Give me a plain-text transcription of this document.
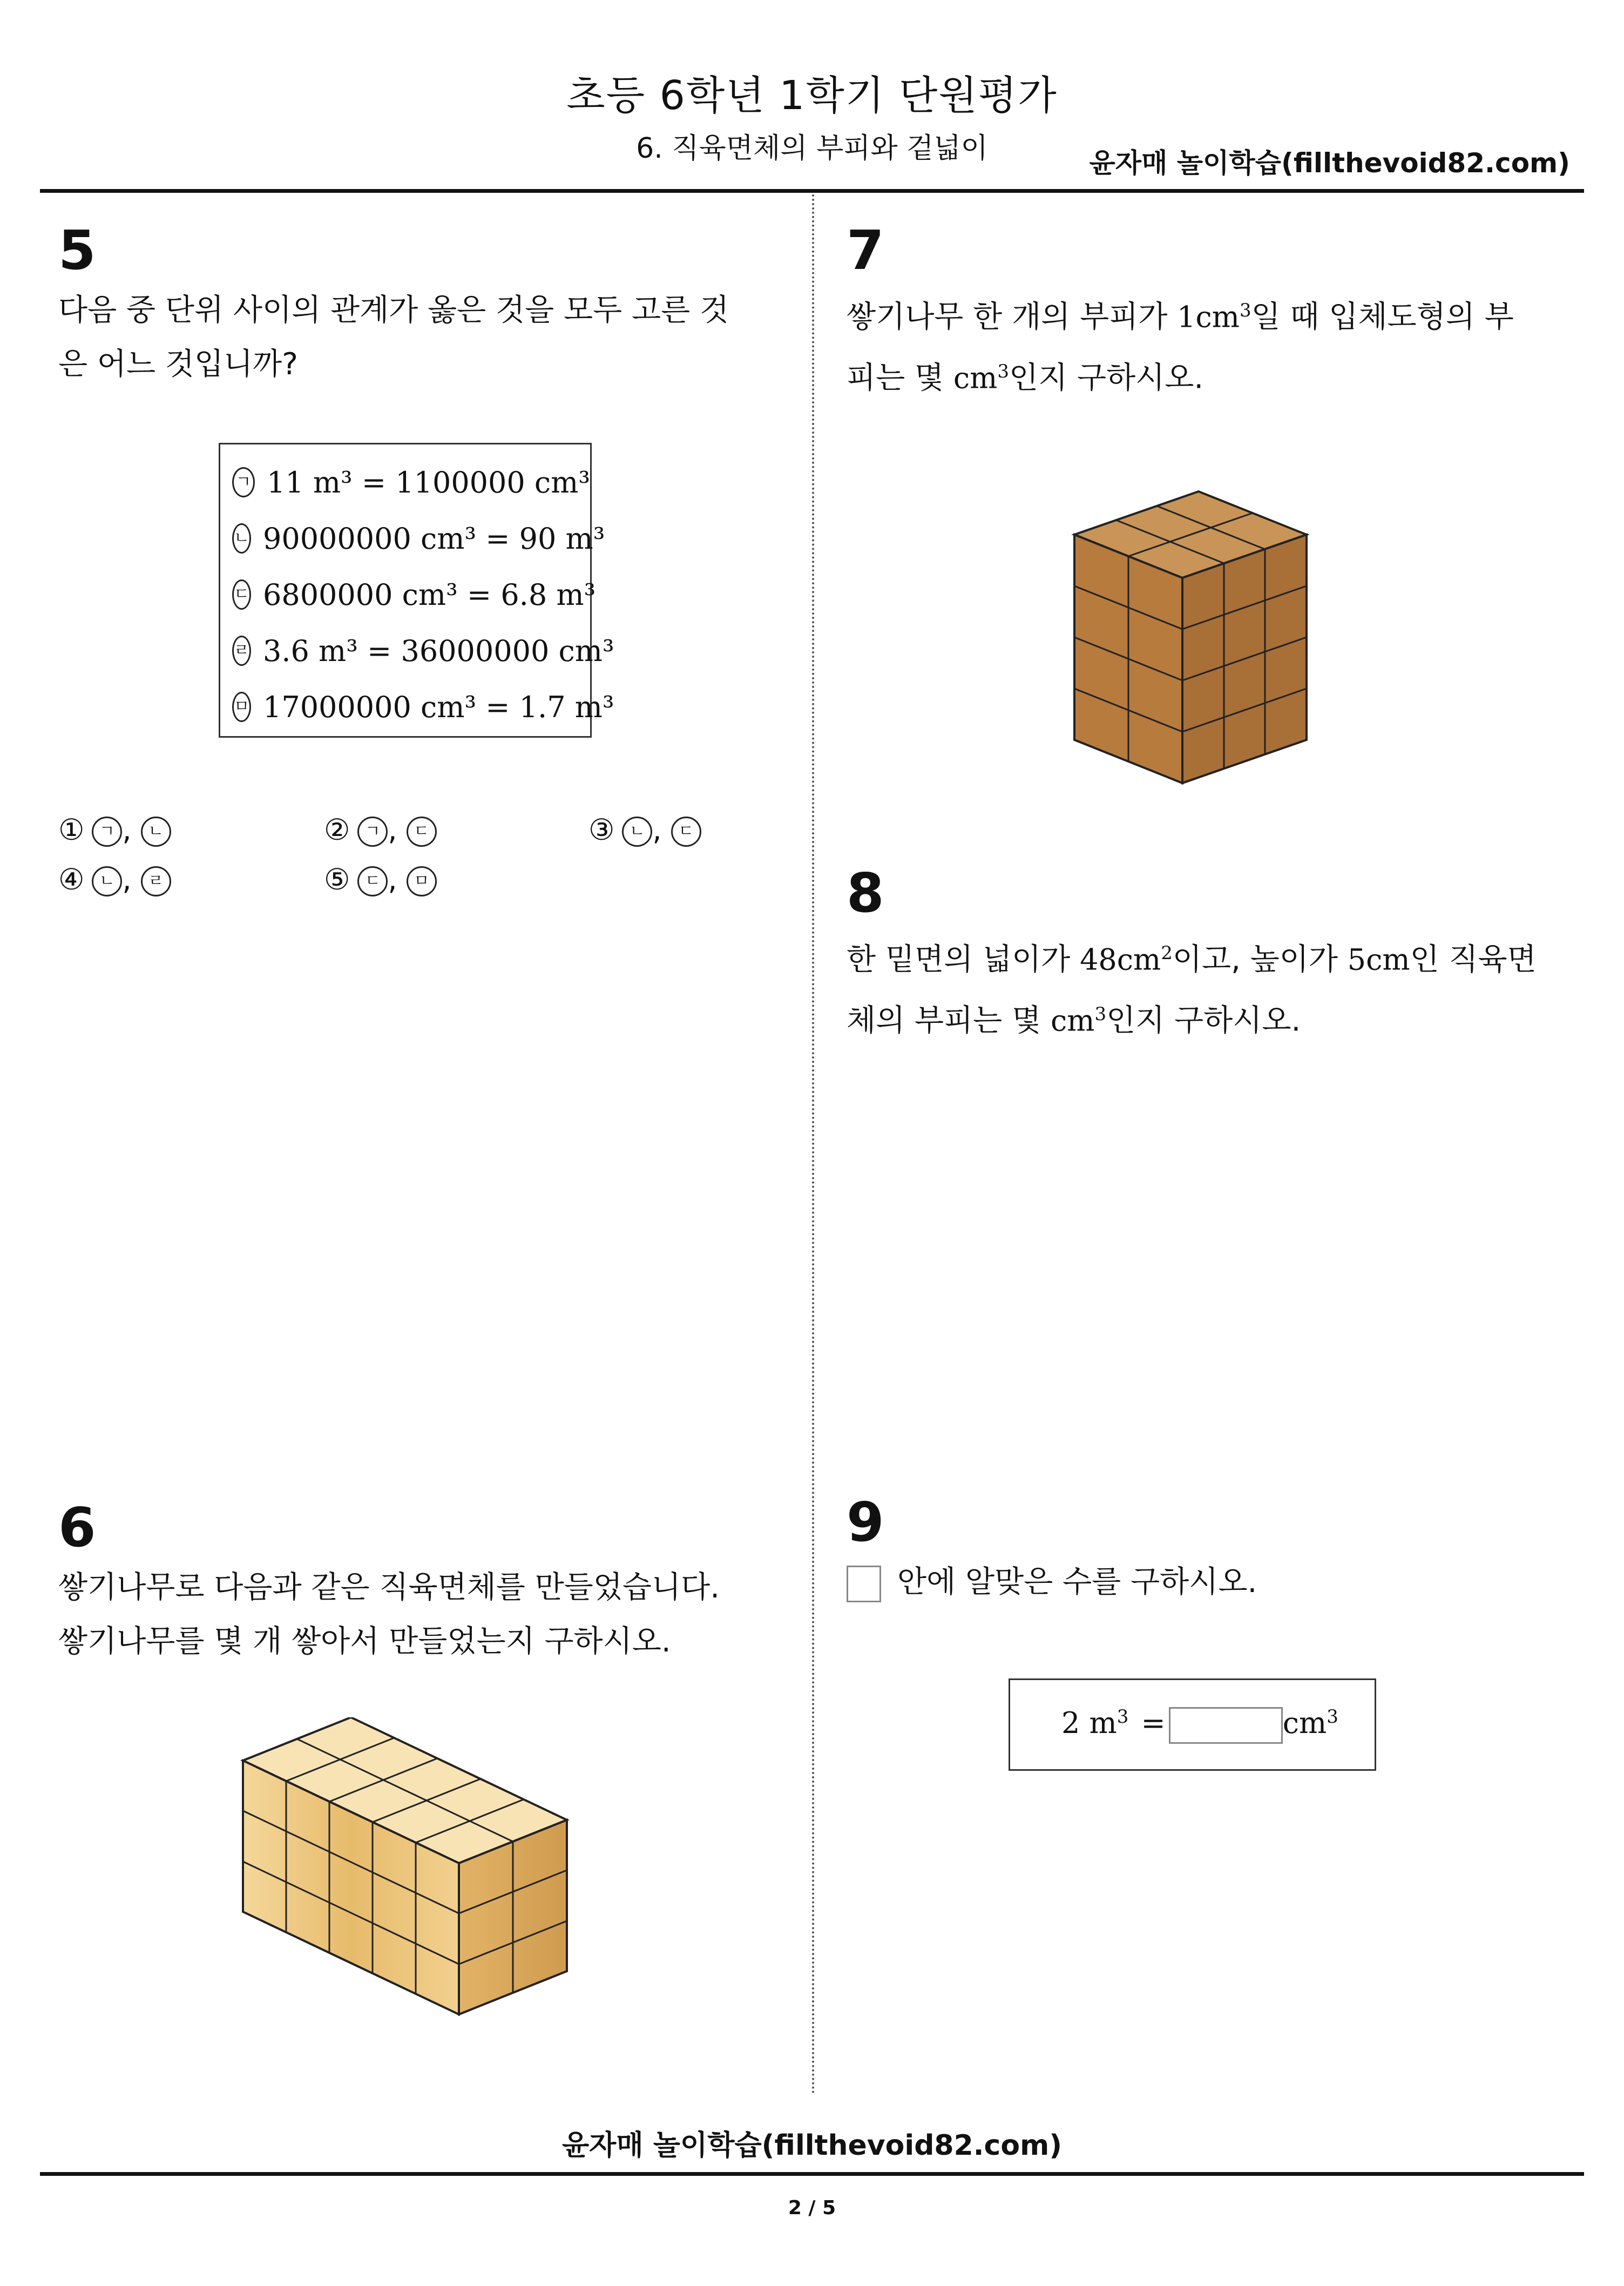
초등 6학년 1학기 단원평가
6. 직육면체의 부피와 겉넓이	윤자매 놀이학습(fillthevoid82.com)
5
다음 중 단위 사이의 관계가 옳은 것을 모두 고른 것
은 어느 것입니까?
ㄱ 11 m³ = 1100000 cm³
ㄴ 90000000 cm³ = 90 m³
ㄷ 6800000 cm³ = 6.8 m³
ㄹ 3.6 m³ = 36000000 cm³
ㅁ 17000000 cm³ = 1.7 m³
① ㄱ , ㄴ	② ㄱ , ㄷ	③ ㄴ , ㄷ
④ ㄴ , ㄹ	⑤ ㄷ , ㅁ
6
쌓기나무로 다음과 같은 직육면체를 만들었습니다.
쌓기나무를 몇 개 쌓아서 만들었는지 구하시오.
7
쌓기나무 한 개의 부피가 $1cm^3$일 때 입체도형의 부
피는 몇 $cm^3$인지 구하시오.
8
한 밑면의 넓이가 $48cm^2$이고, 높이가 5cm인 직육면
체의 부피는 몇 $cm^3$인지 구하시오.
9
안에 알맞은 수를 구하시오.
2 $m^3$ =	$cm^3$
윤자매 놀이학습(fillthevoid82.com)
2 / 5
